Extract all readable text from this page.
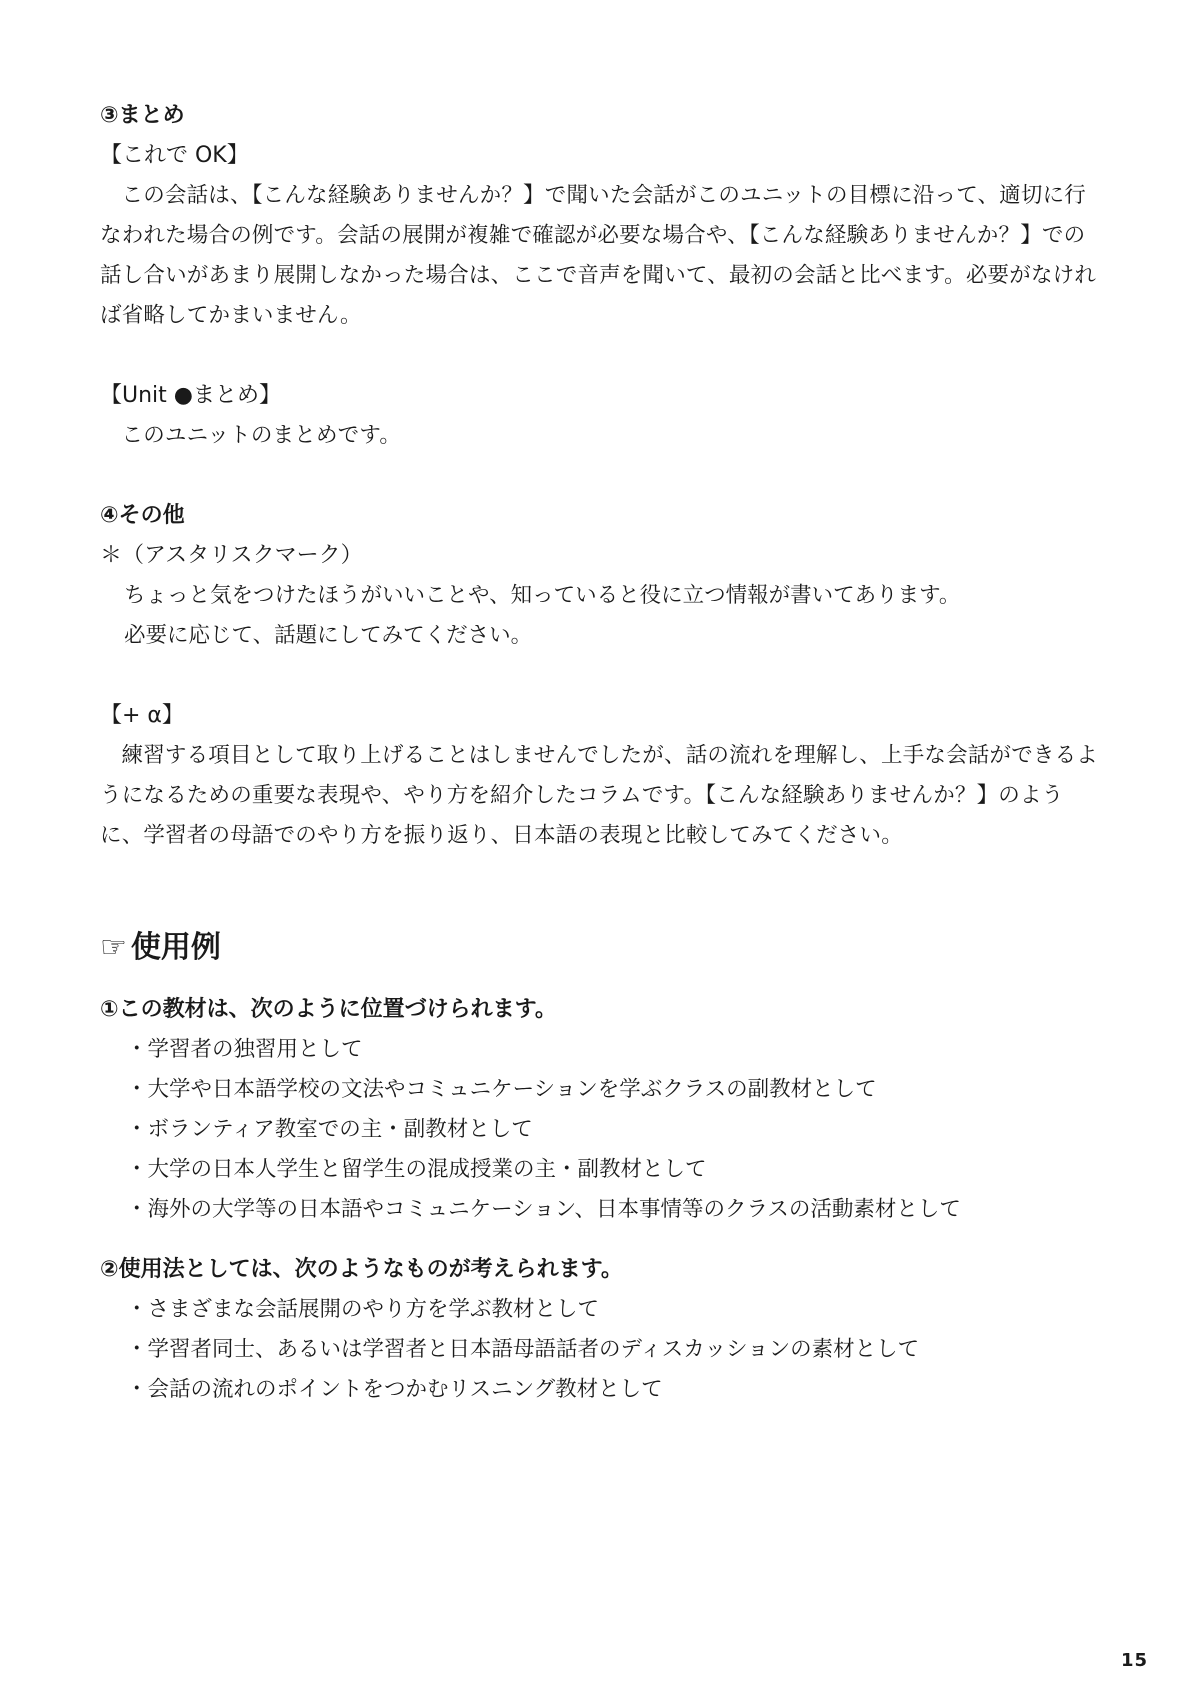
③まとめ

【これで OK】

この会話は、【こんな経験ありませんか？】で聞いた会話がこのユニットの目標に沿って、適切に行なわれた場合の例です。会話の展開が複雑で確認が必要な場合や、【こんな経験ありませんか？】での話し合いがあまり展開しなかった場合は、ここで音声を聞いて、最初の会話と比べます。必要がなければ省略してかまいません。

【Unit ●まとめ】

このユニットのまとめです。

④その他

＊（アスタリスクマーク）

ちょっと気をつけたほうがいいことや、知っていると役に立つ情報が書いてあります。

必要に応じて、話題にしてみてください。

【+ α】

練習する項目として取り上げることはしませんでしたが、話の流れを理解し、上手な会話ができるようになるための重要な表現や、やり方を紹介したコラムです。【こんな経験ありませんか？】のように、学習者の母語でのやり方を振り返り、日本語の表現と比較してみてください。

☞ 使用例

①この教材は、次のように位置づけられます。

・ 学習者の独習用として
・ 大学や日本語学校の文法やコミュニケーションを学ぶクラスの副教材として
・ ボランティア教室での主・副教材として
・ 大学の日本人学生と留学生の混成授業の主・副教材として
・ 海外の大学等の日本語やコミュニケーション、日本事情等のクラスの活動素材として

②使用法としては、次のようなものが考えられます。

・ さまざまな会話展開のやり方を学ぶ教材として
・ 学習者同士、あるいは学習者と日本語母語話者のディスカッションの素材として
・ 会話の流れのポイントをつかむリスニング教材として
15
